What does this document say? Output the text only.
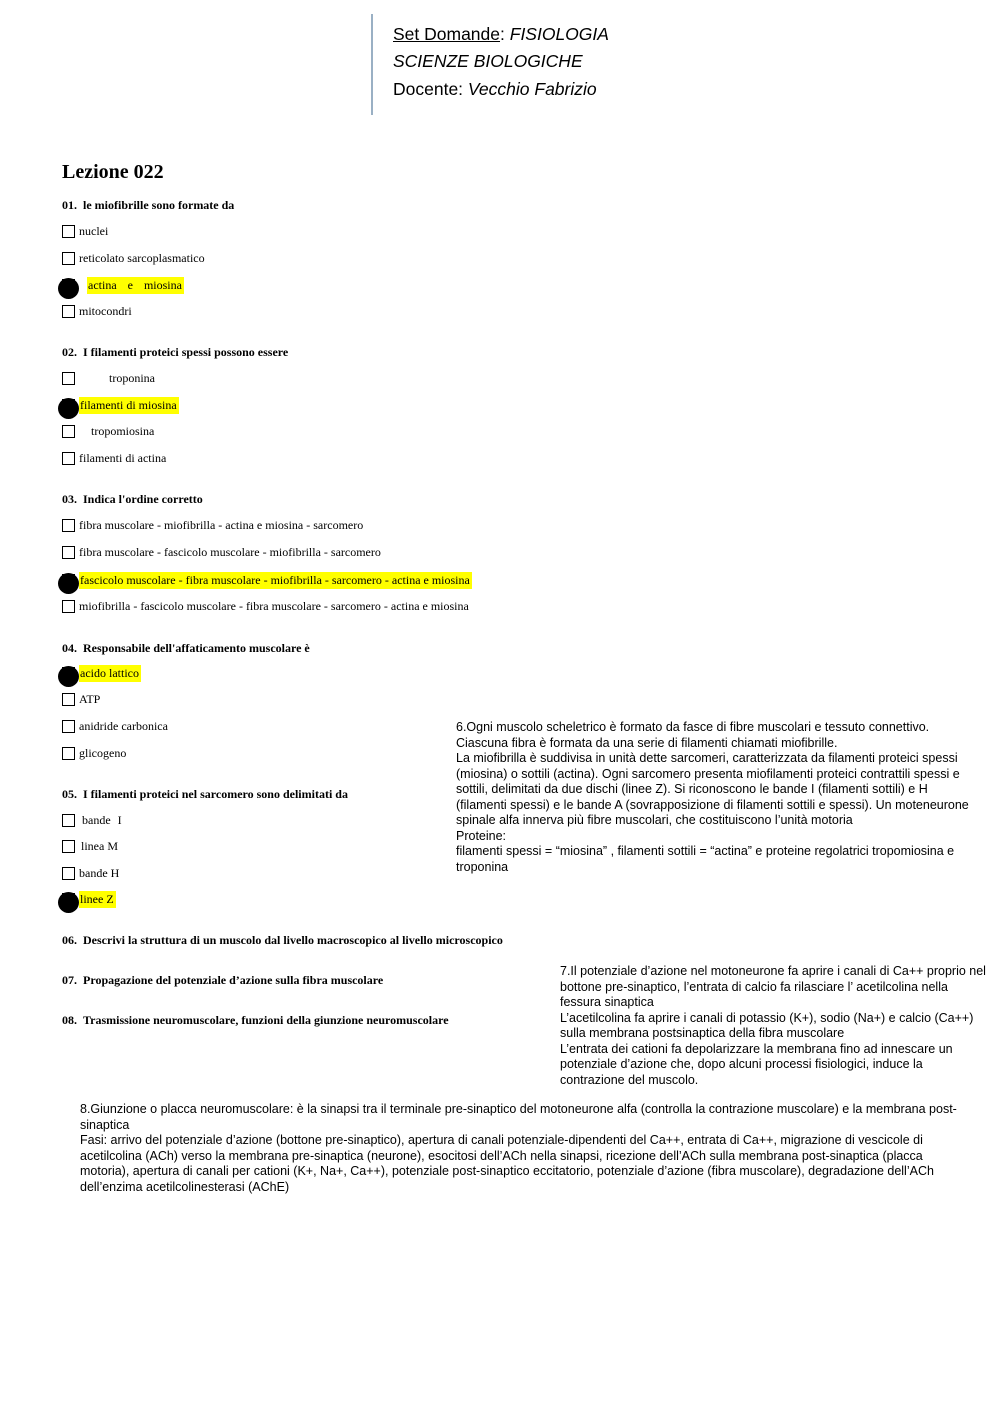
Set Domande: FISIOLOGIA
SCIENZE BIOLOGICHE
Docente: Vecchio Fabrizio
Lezione 022
01. le miofibrille sono formate da
nuclei
reticolato sarcoplasmatico
actina e miosina
mitocondri
02. I filamenti proteici spessi possono essere
troponina
filamenti di miosina
tropomiosina
filamenti di actina
03. Indica l'ordine corretto
fibra muscolare - miofibrilla - actina e miosina - sarcomero
fibra muscolare - fascicolo muscolare - miofibrilla - sarcomero
fascicolo muscolare - fibra muscolare - miofibrilla - sarcomero - actina e miosina
miofibrilla - fascicolo muscolare - fibra muscolare - sarcomero - actina e miosina
04. Responsabile dell'affaticamento muscolare è
acido lattico
ATP
anidride carbonica
glicogeno
05. I filamenti proteici nel sarcomero sono delimitati da
bande I
linea M
bande H
linee Z
06. Descrivi la struttura di un muscolo dal livello macroscopico al livello microscopico
07. Propagazione del potenziale d’azione sulla fibra muscolare
08. Trasmissione neuromuscolare, funzioni della giunzione neuromuscolare

6.Ogni muscolo scheletrico è formato da fasce di fibre muscolari e tessuto connettivo.

Ciascuna fibra è formata da una serie di filamenti chiamati miofibrille.

La miofibrilla è suddivisa in unità dette sarcomeri, caratterizzata da filamenti proteici spessi (miosina) o sottili (actina). Ogni sarcomero presenta miofilamenti proteici contrattili spessi e sottili, delimitati da due dischi (linee Z). Si riconoscono le bande I (filamenti sottili) e H (filamenti spessi) e le bande A (sovrapposizione di filamenti sottili e spessi). Un moteneurone spinale alfa innerva più fibre muscolari, che costituiscono l’unità motoria

Proteine:

filamenti spessi = “miosina” , filamenti sottili = “actina” e proteine regolatrici tropomiosina e troponina

7.Il potenziale d’azione nel motoneurone fa aprire i canali di Ca++ proprio nel bottone pre-sinaptico, l’entrata di calcio fa rilasciare l’ acetilcolina nella fessura sinaptica

L’acetilcolina fa aprire i canali di potassio (K+), sodio (Na+) e calcio (Ca++) sulla membrana postsinaptica della fibra muscolare

L’entrata dei cationi fa depolarizzare la membrana fino ad innescare un potenziale d’azione che, dopo alcuni processi fisiologici, induce la contrazione del muscolo.

8.Giunzione o placca neuromuscolare: è la sinapsi tra il terminale pre-sinaptico del motoneurone alfa (controlla la contrazione muscolare) e la membrana post-sinaptica

Fasi: arrivo del potenziale d’azione (bottone pre-sinaptico), apertura di canali potenziale-dipendenti del Ca++, entrata di Ca++, migrazione di vescicole di acetilcolina (ACh) verso la membrana pre-sinaptica (neurone), esocitosi dell’ACh nella sinapsi, ricezione dell’ACh sulla membrana post-sinaptica (placca motoria), apertura di canali per cationi (K+, Na+, Ca++), potenziale post-sinaptico eccitatorio, potenziale d’azione (fibra muscolare), degradazione dell’ACh dell’enzima acetilcolinesterasi (AChE)
